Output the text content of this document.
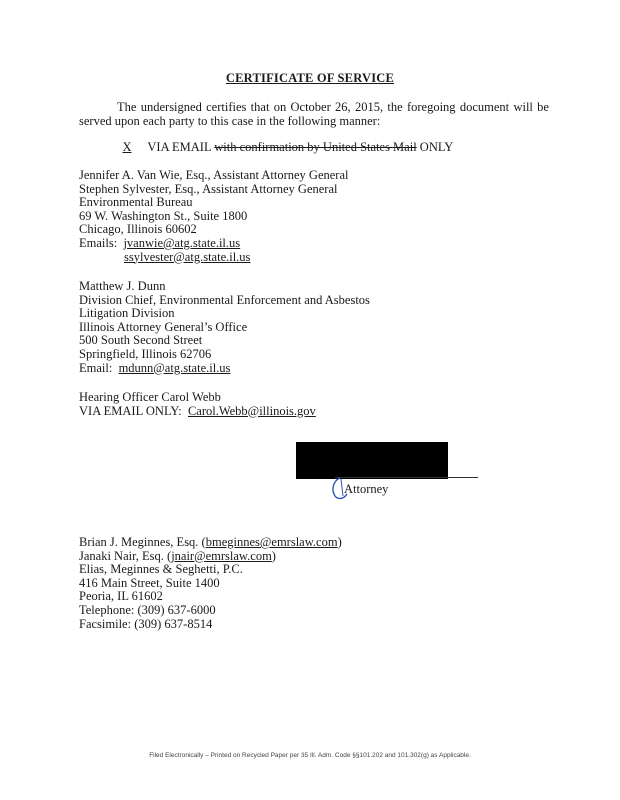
CERTIFICATE OF SERVICE
The undersigned certifies that on October 26, 2015, the foregoing document will be served upon each party to this case in the following manner:
X VIA EMAIL with confirmation by United States Mail ONLY
Jennifer A. Van Wie, Esq., Assistant Attorney General
Stephen Sylvester, Esq., Assistant Attorney General
Environmental Bureau
69 W. Washington St., Suite 1800
Chicago, Illinois 60602
Emails: jvanwie@atg.state.il.us
ssylvester@atg.state.il.us
Matthew J. Dunn
Division Chief, Environmental Enforcement and Asbestos
Litigation Division
Illinois Attorney General’s Office
500 South Second Street
Springfield, Illinois 62706
Email: mdunn@atg.state.il.us
Hearing Officer Carol Webb
VIA EMAIL ONLY: Carol.Webb@illinois.gov
Attorney
Brian J. Meginnes, Esq. (bmeginnes@emrslaw.com)
Janaki Nair, Esq. (jnair@emrslaw.com)
Elias, Meginnes & Seghetti, P.C.
416 Main Street, Suite 1400
Peoria, IL 61602
Telephone: (309) 637-6000
Facsimile: (309) 637-8514
Filed Electronically – Printed on Recycled Paper per 35 Ill. Adm. Code §§101.202 and 101.302(g) as Applicable.
